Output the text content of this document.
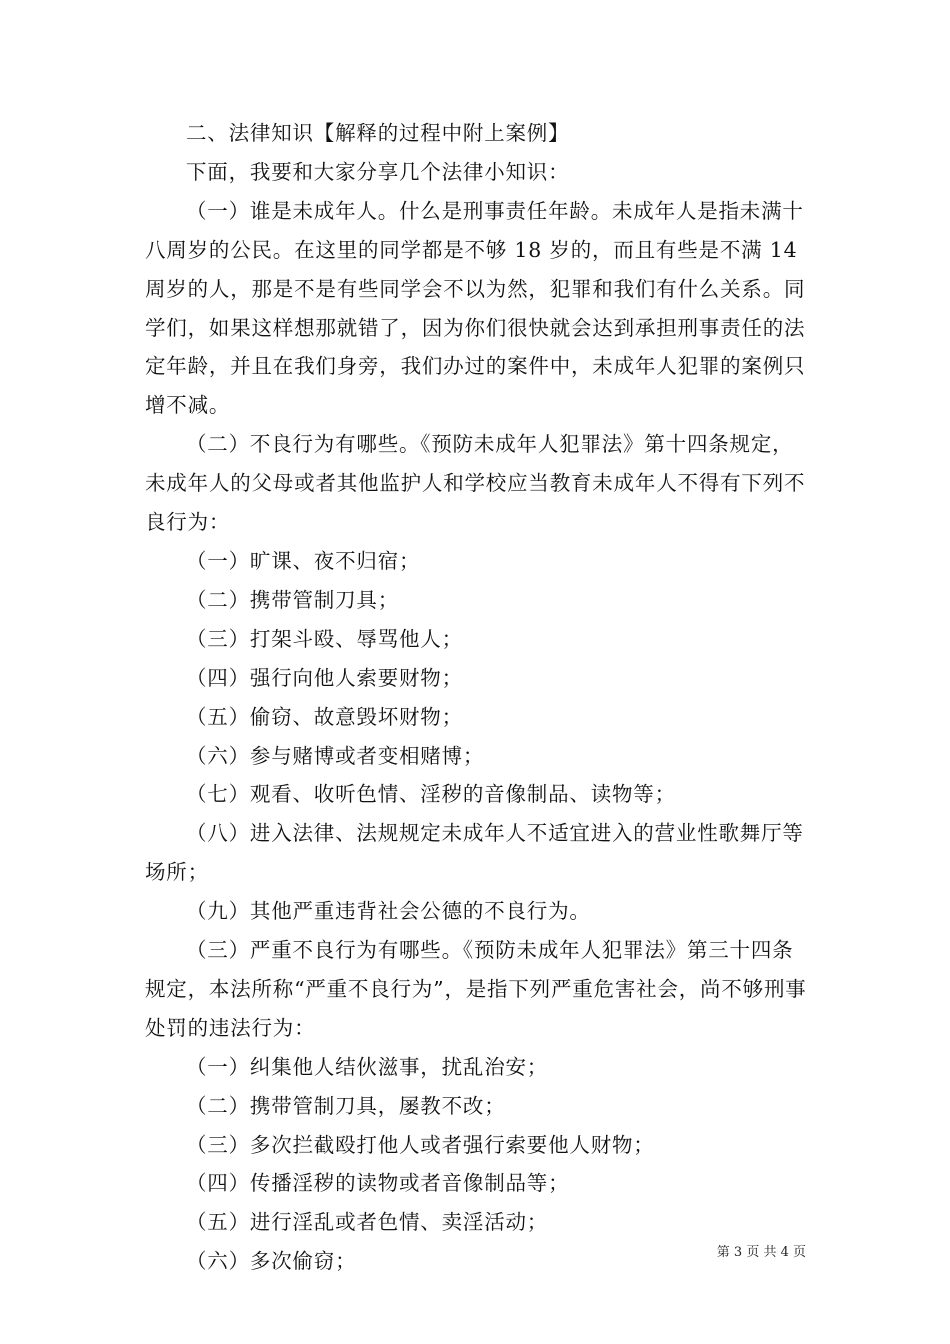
二、法律知识【解释的过程中附上案例】

下面，我要和大家分享几个法律小知识：

（一）谁是未成年人。什么是刑事责任年龄。未成年人是指未满十八周岁的公民。在这里的同学都是不够 18 岁的，而且有些是不满 14 周岁的人，那是不是有些同学会不以为然，犯罪和我们有什么关系。同学们，如果这样想那就错了，因为你们很快就会达到承担刑事责任的法定年龄，并且在我们身旁，我们办过的案件中，未成年人犯罪的案例只增不减。

（二）不良行为有哪些。《预防未成年人犯罪法》第十四条规定，未成年人的父母或者其他监护人和学校应当教育未成年人不得有下列不良行为：

（一）旷课、夜不归宿；

（二）携带管制刀具；

（三）打架斗殴、辱骂他人；

（四）强行向他人索要财物；

（五）偷窃、故意毁坏财物；

（六）参与赌博或者变相赌博；

（七）观看、收听色情、淫秽的音像制品、读物等；

（八）进入法律、法规规定未成年人不适宜进入的营业性歌舞厅等场所；

（九）其他严重违背社会公德的不良行为。

（三）严重不良行为有哪些。《预防未成年人犯罪法》第三十四条规定，本法所称“严重不良行为”，是指下列严重危害社会，尚不够刑事处罚的违法行为：

（一）纠集他人结伙滋事，扰乱治安；

（二）携带管制刀具，屡教不改；

（三）多次拦截殴打他人或者强行索要他人财物；

（四）传播淫秽的读物或者音像制品等；

（五）进行淫乱或者色情、卖淫活动；

（六）多次偷窃；	第 3 页 共 4 页
